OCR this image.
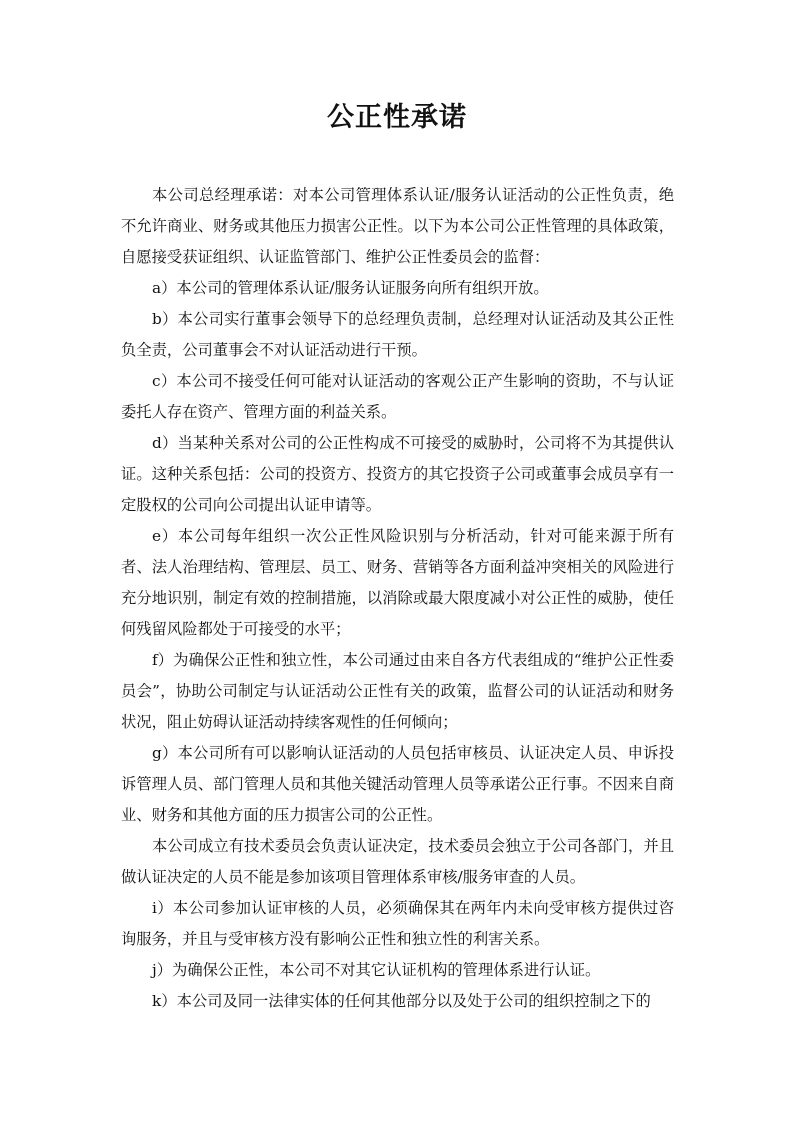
公正性承诺

本公司总经理承诺：对本公司管理体系认证/服务认证活动的公正性负责，绝不允许商业、财务或其他压力损害公正性。以下为本公司公正性管理的具体政策，自愿接受获证组织、认证监管部门、维护公正性委员会的监督：

a）本公司的管理体系认证/服务认证服务向所有组织开放。

b）本公司实行董事会领导下的总经理负责制，总经理对认证活动及其公正性负全责，公司董事会不对认证活动进行干预。

c）本公司不接受任何可能对认证活动的客观公正产生影响的资助，不与认证委托人存在资产、管理方面的利益关系。

d）当某种关系对公司的公正性构成不可接受的威胁时，公司将不为其提供认证。这种关系包括：公司的投资方、投资方的其它投资子公司或董事会成员享有一定股权的公司向公司提出认证申请等。

e）本公司每年组织一次公正性风险识别与分析活动，针对可能来源于所有者、法人治理结构、管理层、员工、财务、营销等各方面利益冲突相关的风险进行充分地识别，制定有效的控制措施，以消除或最大限度减小对公正性的威胁，使任何残留风险都处于可接受的水平；

f）为确保公正性和独立性，本公司通过由来自各方代表组成的“维护公正性委员会”，协助公司制定与认证活动公正性有关的政策，监督公司的认证活动和财务状况，阻止妨碍认证活动持续客观性的任何倾向；

g）本公司所有可以影响认证活动的人员包括审核员、认证决定人员、申诉投诉管理人员、部门管理人员和其他关键活动管理人员等承诺公正行事。不因来自商业、财务和其他方面的压力损害公司的公正性。

本公司成立有技术委员会负责认证决定，技术委员会独立于公司各部门，并且做认证决定的人员不能是参加该项目管理体系审核/服务审查的人员。

i）本公司参加认证审核的人员，必须确保其在两年内未向受审核方提供过咨询服务，并且与受审核方没有影响公正性和独立性的利害关系。

j）为确保公正性，本公司不对其它认证机构的管理体系进行认证。

k）本公司及同一法律实体的任何其他部分以及处于公司的组织控制之下的
